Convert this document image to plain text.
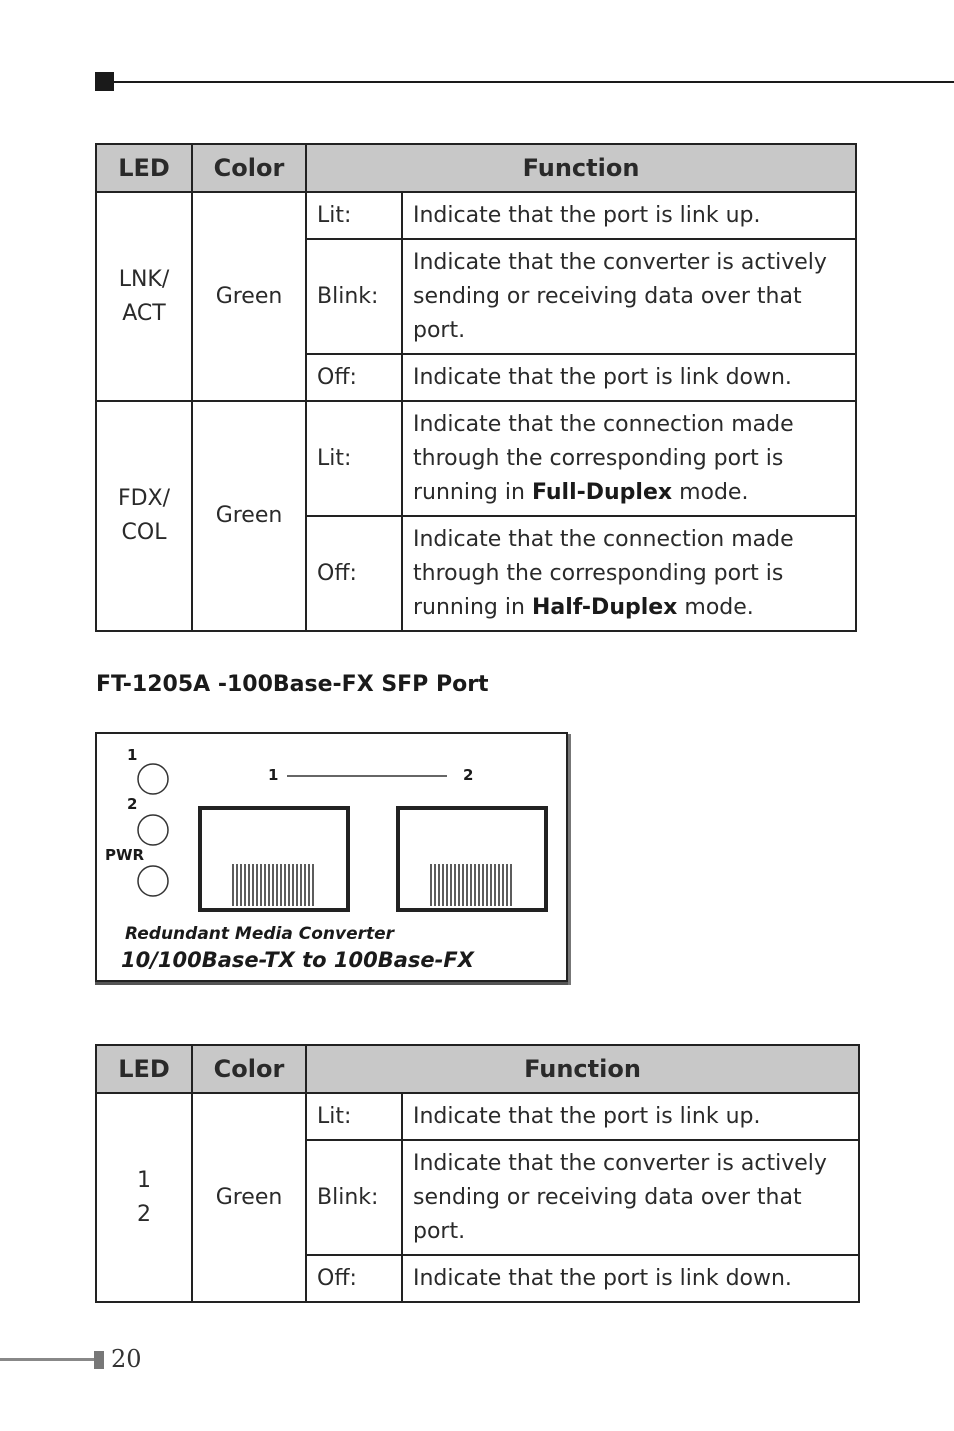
LED	Color	Function	
LNK/
ACT	Green	Lit:	Indicate that the port is link up.
		Blink:	Indicate that the converter is actively sending or receiving data over that port.
		Off:	Indicate that the port is link down.
FDX/
COL	Green	Lit:	Indicate that the connection made through the corresponding port is running in Full-Duplex mode.
		Off:	Indicate that the connection made through the corresponding port is running in Half-Duplex mode.
FT-1205A -100Base-FX SFP Port
1
2
PWR
1	2
Redundant Media Converter
10/100Base-TX to 100Base-FX
LED	Color	Function	
1
2	Green	Lit:	Indicate that the port is link up.
		Blink:	Indicate that the converter is actively sending or receiving data over that port.
		Off:	Indicate that the port is link down.
20
